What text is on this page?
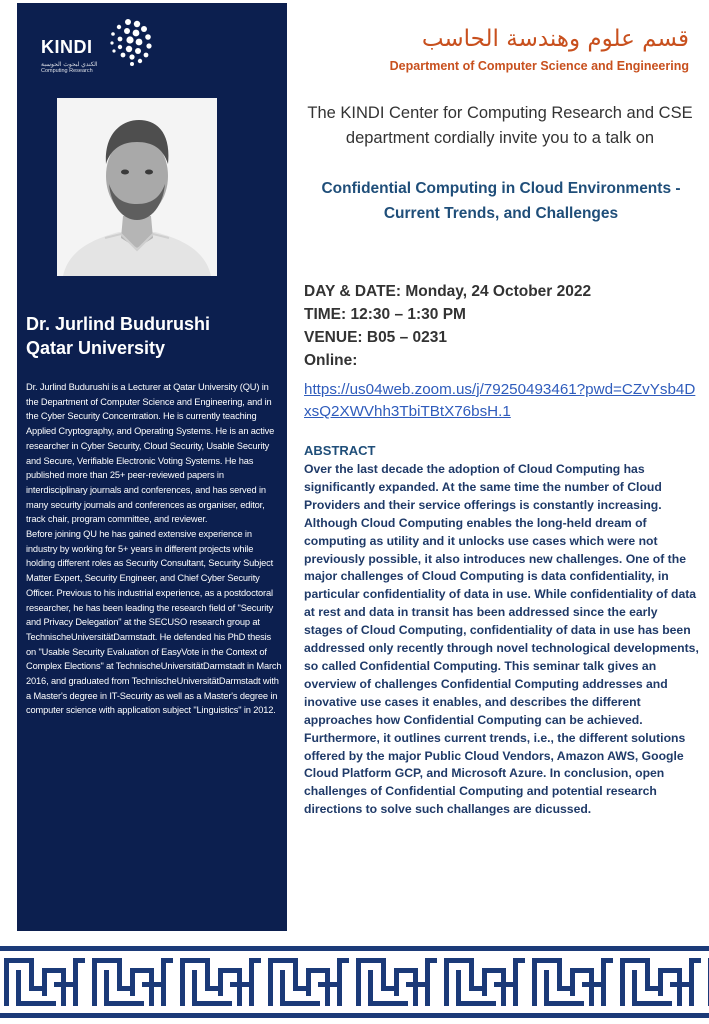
KINDI
الكندي لبحوث الحوسبة
Computing Research
Dr. Jurlind Budurushi
Qatar University

Dr. Jurlind Budurushi is a Lecturer at Qatar University (QU) in the Department of Computer Science and Engineering, and in the Cyber Security Concentration. He is currently teaching Applied Cryptography, and Operating Systems. He is an active researcher in Cyber Security, Cloud Security, Usable Security and Secure, Verifiable Electronic Voting Systems. He has published more than 25+ peer-reviewed papers in interdisciplinary journals and conferences, and has served in many security journals and conferences as organiser, editor, track chair, program committee, and reviewer.

Before joining QU he has gained extensive experience in industry by working for 5+ years in different projects while holding different roles as Security Consultant, Security Subject Matter Expert, Security Engineer, and Chief Cyber Security Officer. Previous to his industrial experience, as a postdoctoral researcher, he has been leading the research field of "Security and Privacy Delegation" at the SECUSO research group at TechnischeUniversitätDarmstadt. He defended his PhD thesis on "Usable Security Evaluation of EasyVote in the Context of Complex Elections" at TechnischeUniversitätDarmstadt in March 2016, and graduated from TechnischeUniversitätDarmstadt with a Master's degree in IT-Security as well as a Master's degree in computer science with application subject "Linguistics" in 2012.

قسم علوم وهندسة الحاسب
Department of Computer Science and Engineering
The KINDI Center for Computing Research and CSE department cordially invite you to a talk on
Confidential Computing in Cloud Environments - Current Trends, and Challenges
DAY & DATE: Monday, 24 October 2022
TIME: 12:30 – 1:30 PM
VENUE: B05 – 0231
Online:
https://us04web.zoom.us/j/79250493461?pwd=CZvYsb4DxsQ2XWVhh3TbiTBtX76bsH.1
ABSTRACT
Over the last decade the adoption of Cloud Computing has significantly expanded. At the same time the number of Cloud Providers and their service offerings is constantly increasing. Although Cloud Computing enables the long-held dream of computing as utility and it unlocks use cases which were not previously possible, it also introduces new challenges. One of the major challenges of Cloud Computing is data confidentiality, in particular confidentiality of data in use. While confidentiality of data at rest and data in transit has been addressed since the early stages of Cloud Computing, confidentiality of data in use has been addressed only recently through novel technological developments, so called Confidential Computing. This seminar talk gives an overview of challenges Confidential Computing addresses and inovative use cases it enables, and describes the different approaches how Confidential Computing can be achieved. Furthermore, it outlines current trends, i.e., the different solutions offered by the major Public Cloud Vendors, Amazon AWS, Google Cloud Platform GCP, and Microsoft Azure. In conclusion, open challenges of Confidential Computing and potential research directions to solve such challanges are dicussed.
